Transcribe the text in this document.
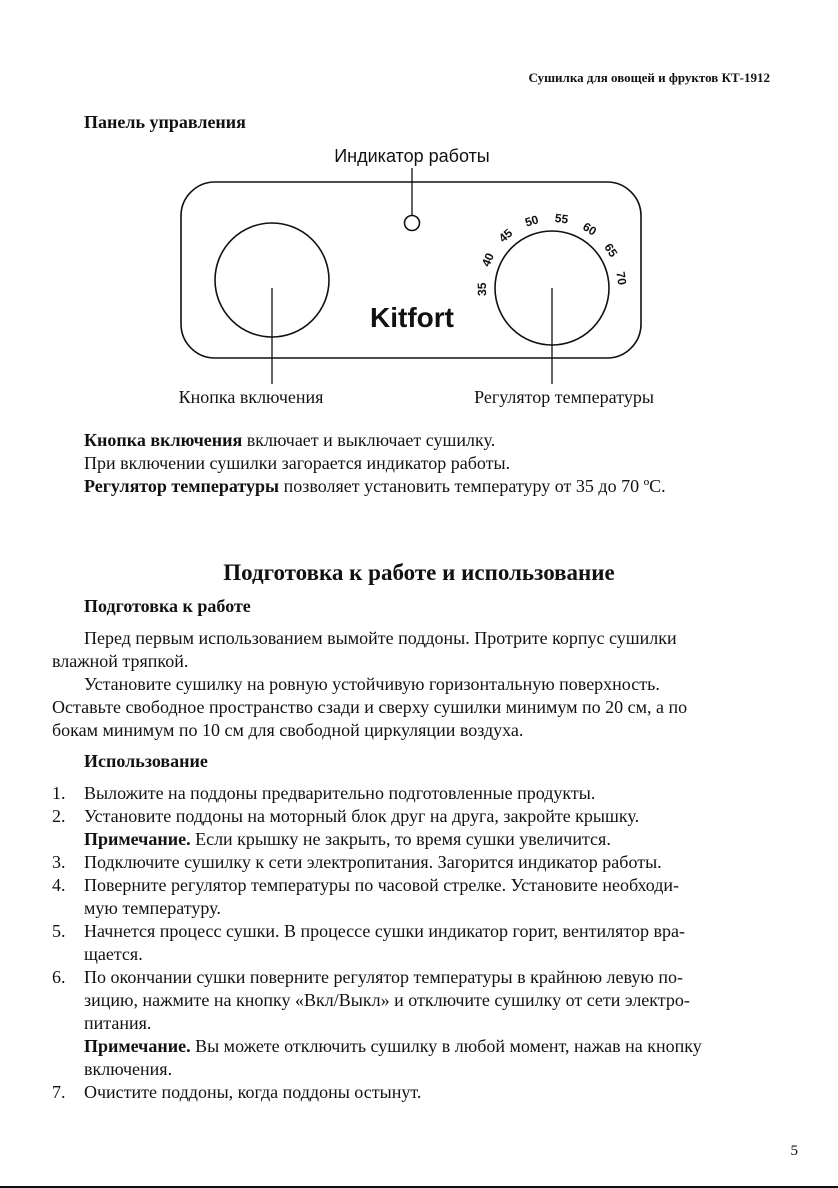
Сушилка для овощей и фруктов КТ-1912
Панель управления
Индикатор работы
35
40
45
50 55
60
65
70
Kitfort
Кнопка включения	Регулятор температуры
Кнопка включения включает и выключает сушилку.
При включении сушилки загорается индикатор работы.
Регулятор температуры позволяет установить температуру от 35 до 70 ºС.
Подготовка к работе и использование
Подготовка к работе
Перед первым использованием вымойте поддоны. Протрите корпус сушилки
влажной тряпкой.
Установите сушилку на ровную устойчивую горизонтальную поверхность.
Оставьте свободное пространство сзади и сверху сушилки минимум по 20 см, а по
бокам минимум по 10 см для свободной циркуляции воздуха.
Использование
1. Выложите на поддоны предварительно подготовленные продукты.
2. Установите поддоны на моторный блок друг на друга, закройте крышку.
Примечание. Если крышку не закрыть, то время сушки увеличится.
3. Подключите сушилку к сети электропитания. Загорится индикатор работы.
4. Поверните регулятор температуры по часовой стрелке. Установите необходи-
мую температуру.
5. Начнется процесс сушки. В процессе сушки индикатор горит, вентилятор вра-
щается.
6. По окончании сушки поверните регулятор температуры в крайнюю левую по-
зицию, нажмите на кнопку «Вкл/Выкл» и отключите сушилку от сети электро-
питания.
Примечание. Вы можете отключить сушилку в любой момент, нажав на кнопку
включения.
7. Очистите поддоны, когда поддоны остынут.
5
